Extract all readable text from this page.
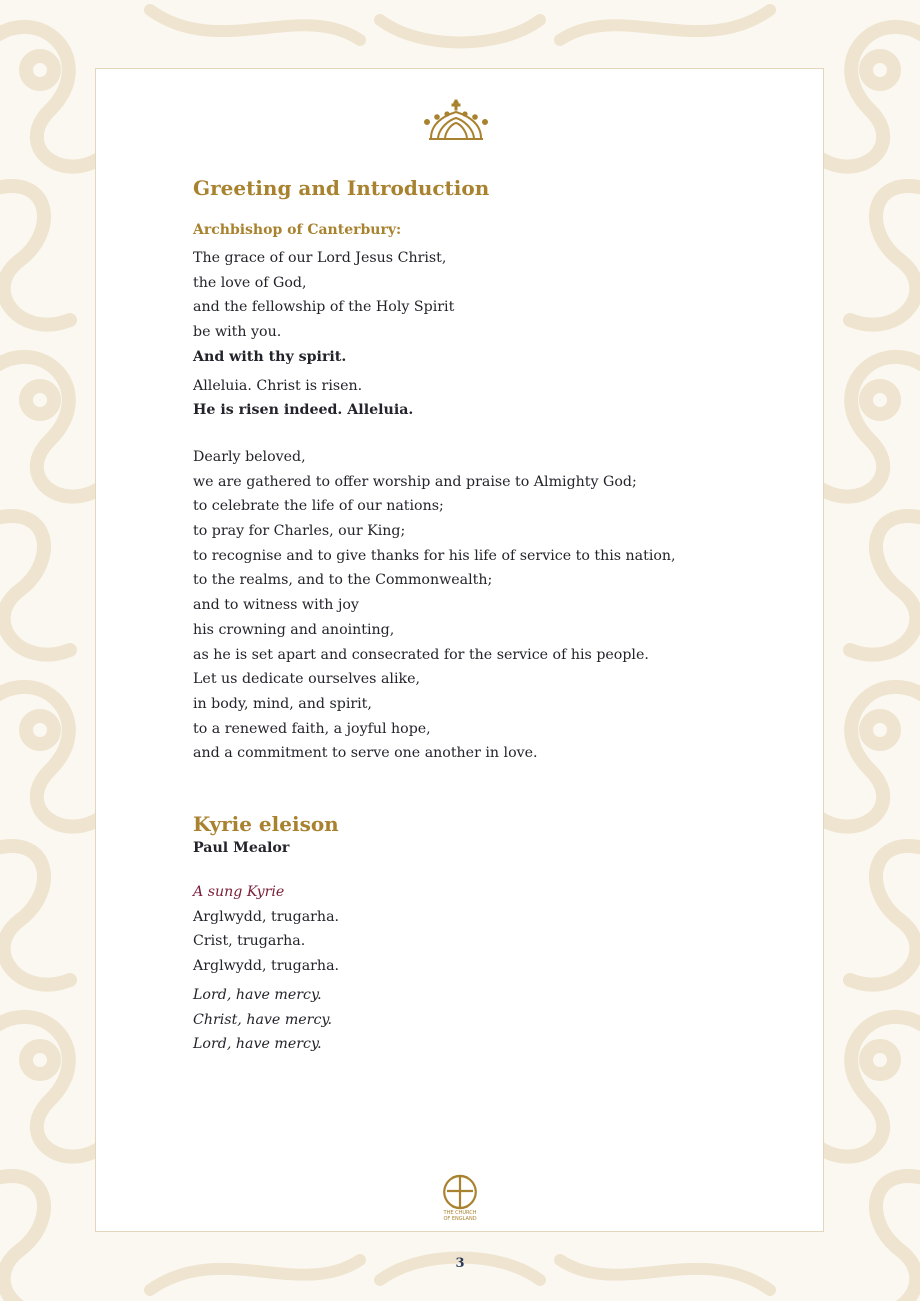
Greeting and Introduction
Archbishop of Canterbury:
The grace of our Lord Jesus Christ,
the love of God,
and the fellowship of the Holy Spirit
be with you.
And with thy spirit.
Alleluia. Christ is risen.
He is risen indeed. Alleluia.
Dearly beloved,
we are gathered to offer worship and praise to Almighty God;
to celebrate the life of our nations;
to pray for Charles, our King;
to recognise and to give thanks for his life of service to this nation,
to the realms, and to the Commonwealth;
and to witness with joy
his crowning and anointing,
as he is set apart and consecrated for the service of his people.
Let us dedicate ourselves alike,
in body, mind, and spirit,
to a renewed faith, a joyful hope,
and a commitment to serve one another in love.
Kyrie eleison
Paul Mealor
A sung Kyrie
Arglwydd, trugarha.
Crist, trugarha.
Arglwydd, trugarha.
Lord, have mercy.
Christ, have mercy.
Lord, have mercy.
THE CHURCH
OF ENGLAND
3
